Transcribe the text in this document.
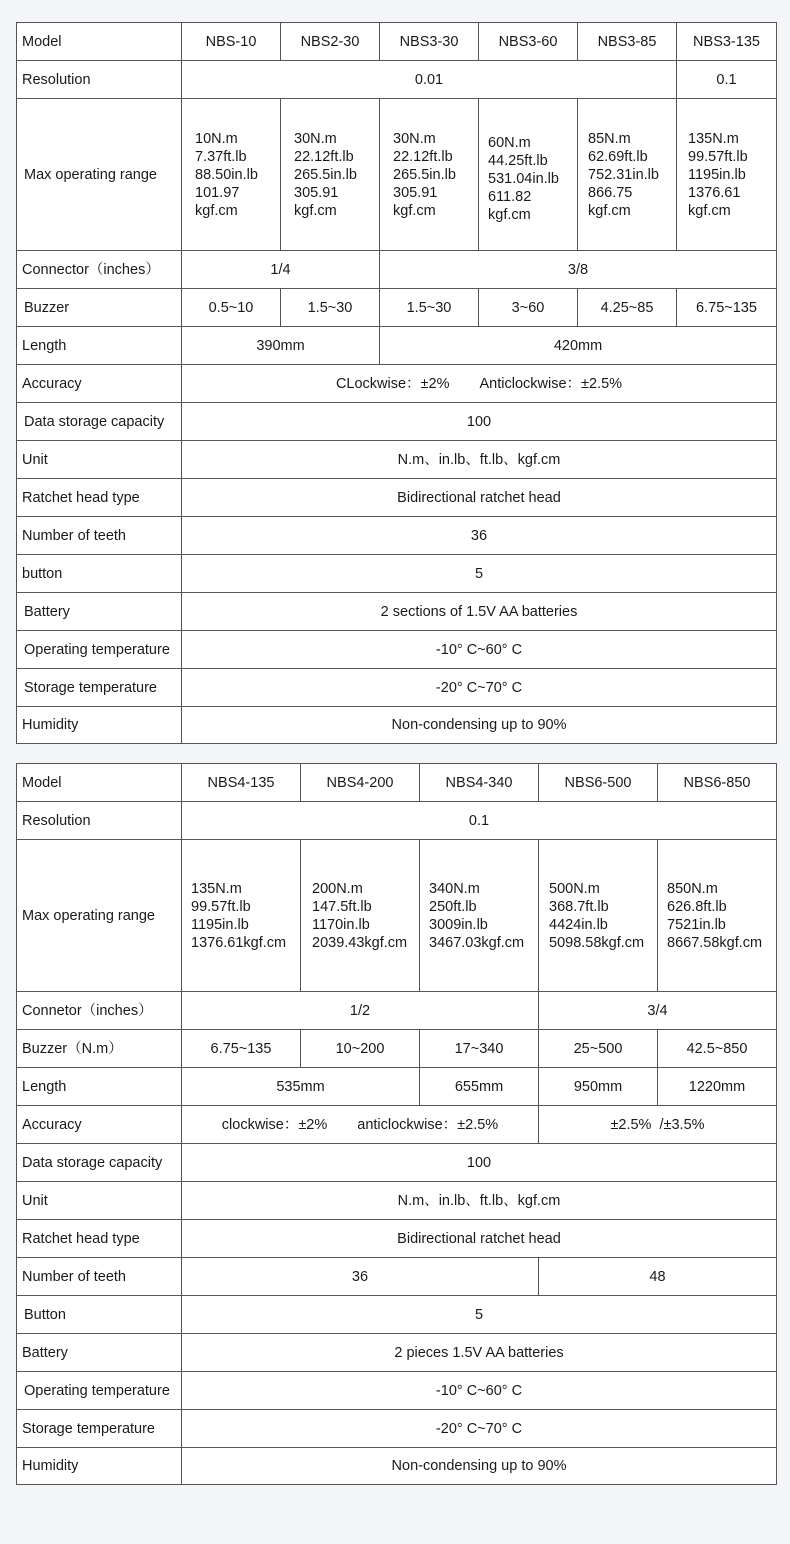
Model	NBS-10	NBS2-30	NBS3-30	NBS3-60	NBS3-85	NBS3-135
Resolution	0.01					0.1
Max operating range	10N.m
7.37ft.lb
88.50in.lb
101.97
kgf.cm	30N.m
22.12ft.lb
265.5in.lb
305.91
kgf.cm	30N.m
22.12ft.lb
265.5in.lb
305.91
kgf.cm	60N.m
44.25ft.lb
531.04in.lb
611.82
kgf.cm	85N.m
62.69ft.lb
752.31in.lb
866.75
kgf.cm	135N.m
99.57ft.lb
1195in.lb
1376.61
kgf.cm
Connector（inches）	1/4		3/8			
Buzzer	0.5~10	1.5~30	1.5~30	3~60	4.25~85	6.75~135
Length	390mm		420mm			
Accuracy	CLockwise：±2% Anticlockwise：±2.5%					
Data storage capacity	100					
Unit	N.m、in.lb、ft.lb、kgf.cm					
Ratchet head type	Bidirectional ratchet head					
Number of teeth	36					
button	5					
Battery	2 sections of 1.5V AA batteries					
Operating temperature	-10° C~60° C					
Storage temperature	-20° C~70° C					
Humidity	Non-condensing up to 90%					
Model	NBS4-135	NBS4-200	NBS4-340	NBS6-500	NBS6-850
Resolution	0.1				
Max operating range	135N.m
99.57ft.lb
1195in.lb
1376.61kgf.cm	200N.m
147.5ft.lb
1170in.lb
2039.43kgf.cm	340N.m
250ft.lb
3009in.lb
3467.03kgf.cm	500N.m
368.7ft.lb
4424in.lb
5098.58kgf.cm	850N.m
626.8ft.lb
7521in.lb
8667.58kgf.cm
Connetor（inches）	1/2			3/4	
Buzzer（N.m）	6.75~135	10~200	17~340	25~500	42.5~850
Length	535mm		655mm	950mm	1220mm
Accuracy	clockwise：±2% anticlockwise：±2.5%			±2.5%  /±3.5%	
Data storage capacity	100				
Unit	N.m、in.lb、ft.lb、kgf.cm				
Ratchet head type	Bidirectional ratchet head				
Number of teeth	36			48	
Button	5				
Battery	2 pieces 1.5V AA batteries				
Operating temperature	-10° C~60° C				
Storage temperature	-20° C~70° C				
Humidity	Non-condensing up to 90%				
